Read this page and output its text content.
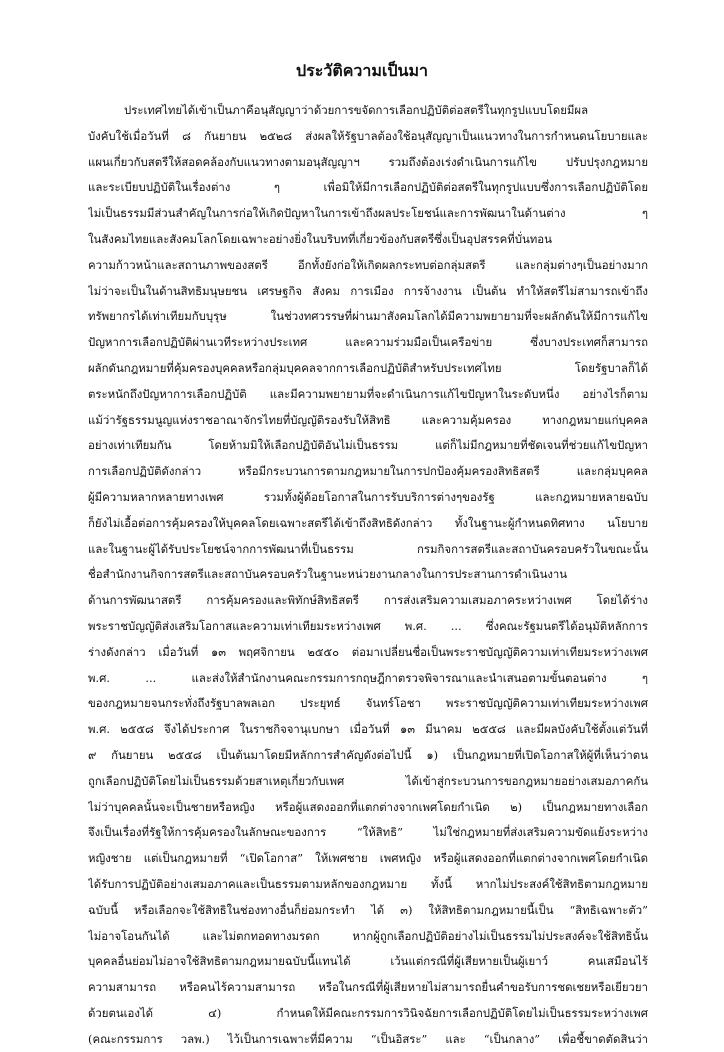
ประวัติความเป็นมา
ประเทศไทยได้เข้าเป็นภาคีอนุสัญญาว่าด้วยการขจัดการเลือกปฏิบัติต่อสตรีในทุกรูปแบบโดยมีผล
บังคับใช้เมื่อวันที่ ๘ กันยายน ๒๕๒๘ ส่งผลให้รัฐบาลต้องใช้อนุสัญญาเป็นแนวทางในการกำหนดนโยบายและ
แผนเกี่ยวกับสตรีให้สอดคล้องกับแนวทางตามอนุสัญญาฯ รวมถึงต้องเร่งดำเนินการแก้ไข ปรับปรุงกฎหมาย
และระเบียบปฏิบัติในเรื่องต่าง ๆ เพื่อมิให้มีการเลือกปฏิบัติต่อสตรีในทุกรูปแบบซึ่งการเลือกปฏิบัติโดย
ไม่เป็นธรรมมีส่วนสำคัญในการก่อให้เกิดปัญหาในการเข้าถึงผลประโยชน์และการพัฒนาในด้านต่าง ๆ
ในสังคมไทยและสังคมโลกโดยเฉพาะอย่างยิ่งในบริบทที่เกี่ยวข้องกับสตรีซึ่งเป็นอุปสรรคที่บั่นทอน
ความก้าวหน้าและสถานภาพของสตรี อีกทั้งยังก่อให้เกิดผลกระทบต่อกลุ่มสตรี และกลุ่มต่างๆเป็นอย่างมาก
ไม่ว่าจะเป็นในด้านสิทธิมนุษยชน เศรษฐกิจ สังคม การเมือง การจ้างงาน เป็นต้น ทำให้สตรีไม่สามารถเข้าถึง
ทรัพยากรได้เท่าเทียมกับบุรุษ ในช่วงทศวรรษที่ผ่านมาสังคมโลกได้มีความพยายามที่จะผลักดันให้มีการแก้ไข
ปัญหาการเลือกปฏิบัติผ่านเวทีระหว่างประเทศ และความร่วมมือเป็นเครือข่าย ซึ่งบางประเทศก็สามารถ
ผลักดันกฎหมายที่คุ้มครองบุคคลหรือกลุ่มบุคคลจากการเลือกปฏิบัติสำหรับประเทศไทย โดยรัฐบาลก็ได้
ตระหนักถึงปัญหาการเลือกปฏิบัติ และมีความพยายามที่จะดำเนินการแก้ไขปัญหาในระดับหนึ่ง อย่างไรก็ตาม
แม้ว่ารัฐธรรมนูญแห่งราชอาณาจักรไทยที่บัญญัติรองรับให้สิทธิ และความคุ้มครอง ทางกฎหมายแก่บุคคล
อย่างเท่าเทียมกัน โดยห้ามมิให้เลือกปฏิบัติอันไม่เป็นธรรม แต่ก็ไม่มีกฎหมายที่ชัดเจนที่ช่วยแก้ไขปัญหา
การเลือกปฏิบัติดังกล่าว หรือมีกระบวนการตามกฎหมายในการปกป้องคุ้มครองสิทธิสตรี และกลุ่มบุคคล
ผู้มีความหลากหลายทางเพศ รวมทั้งผู้ด้อยโอกาสในการรับบริการต่างๆของรัฐ และกฎหมายหลายฉบับ
ก็ยังไม่เอื้อต่อการคุ้มครองให้บุคคลโดยเฉพาะสตรีได้เข้าถึงสิทธิดังกล่าว ทั้งในฐานะผู้กำหนดทิศทาง นโยบาย
และในฐานะผู้ได้รับประโยชน์จากการพัฒนาที่เป็นธรรม กรมกิจการสตรีและสถาบันครอบครัวในขณะนั้น
ชื่อสำนักงานกิจการสตรีและสถาบันครอบครัวในฐานะหน่วยงานกลางในการประสานการดำเนินงาน
ด้านการพัฒนาสตรี การคุ้มครองและพิทักษ์สิทธิสตรี การส่งเสริมความเสมอภาคระหว่างเพศ โดยได้ร่าง
พระราชบัญญัติส่งเสริมโอกาสและความเท่าเทียมระหว่างเพศ พ.ศ. ... ซึ่งคณะรัฐมนตรีได้อนุมัติหลักการ
ร่างดังกล่าว เมื่อวันที่ ๑๓ พฤศจิกายน ๒๕๕๐ ต่อมาเปลี่ยนชื่อเป็นพระราชบัญญัติความเท่าเทียมระหว่างเพศ
พ.ศ. ... และส่งให้สำนักงานคณะกรรมการกฤษฎีกาตรวจพิจารณาและนำเสนอตามขั้นตอนต่าง ๆ
ของกฎหมายจนกระทั่งถึงรัฐบาลพลเอก ประยุทธ์ จันทร์โอชา พระราชบัญญัติความเท่าเทียมระหว่างเพศ
พ.ศ. ๒๕๕๘ จึงได้ประกาศ ในราชกิจจานุเบกษา เมื่อวันที่ ๑๓ มีนาคม ๒๕๕๘ และมีผลบังคับใช้ตั้งแต่วันที่
๙ กันยายน ๒๕๕๘ เป็นต้นมาโดยมีหลักการสำคัญดังต่อไปนี้ ๑) เป็นกฎหมายที่เปิดโอกาสให้ผู้ที่เห็นว่าตน
ถูกเลือกปฏิบัติโดยไม่เป็นธรรมด้วยสาเหตุเกี่ยวกับเพศ ได้เข้าสู่กระบวนการขอกฎหมายอย่างเสมอภาคกัน
ไม่ว่าบุคคลนั้นจะเป็นชายหรือหญิง หรือผู้แสดงออกที่แตกต่างจากเพศโดยกำเนิด ๒) เป็นกฎหมายทางเลือก
จึงเป็นเรื่องที่รัฐให้การคุ้มครองในลักษณะของการ “ให้สิทธิ” ไม่ใช่กฎหมายที่ส่งเสริมความขัดแย้งระหว่าง
หญิงชาย แต่เป็นกฎหมายที่ “เปิดโอกาส” ให้เพศชาย เพศหญิง หรือผู้แสดงออกที่แตกต่างจากเพศโดยกำเนิด
ได้รับการปฏิบัติอย่างเสมอภาคและเป็นธรรมตามหลักของกฎหมาย ทั้งนี้ หากไม่ประสงค์ใช้สิทธิตามกฎหมาย
ฉบับนี้ หรือเลือกจะใช้สิทธิในช่องทางอื่นก็ย่อมกระทำ ได้ ๓) ให้สิทธิตามกฎหมายนี้เป็น “สิทธิเฉพาะตัว”
ไม่อาจโอนกันได้ และไม่ตกทอดทางมรดก หากผู้ถูกเลือกปฏิบัติอย่างไม่เป็นธรรมไม่ประสงค์จะใช้สิทธินั้น
บุคคลอื่นย่อมไม่อาจใช้สิทธิตามกฎหมายฉบับนี้แทนได้ เว้นแต่กรณีที่ผู้เสียหายเป็นผู้เยาว์ คนเสมือนไร้
ความสามารถ หรือคนไร้ความสามารถ หรือในกรณีที่ผู้เสียหายไม่สามารถยื่นคำขอรับการชดเชยหรือเยียวยา
ด้วยตนเองได้ ๔) กำหนดให้มีคณะกรรมการวินิจฉัยการเลือกปฏิบัติโดยไม่เป็นธรรมระหว่างเพศ
(คณะกรรมการ วลพ.) ไว้เป็นการเฉพาะที่มีความ “เป็นอิสระ” และ “เป็นกลาง” เพื่อชี้ขาดตัดสินว่า
